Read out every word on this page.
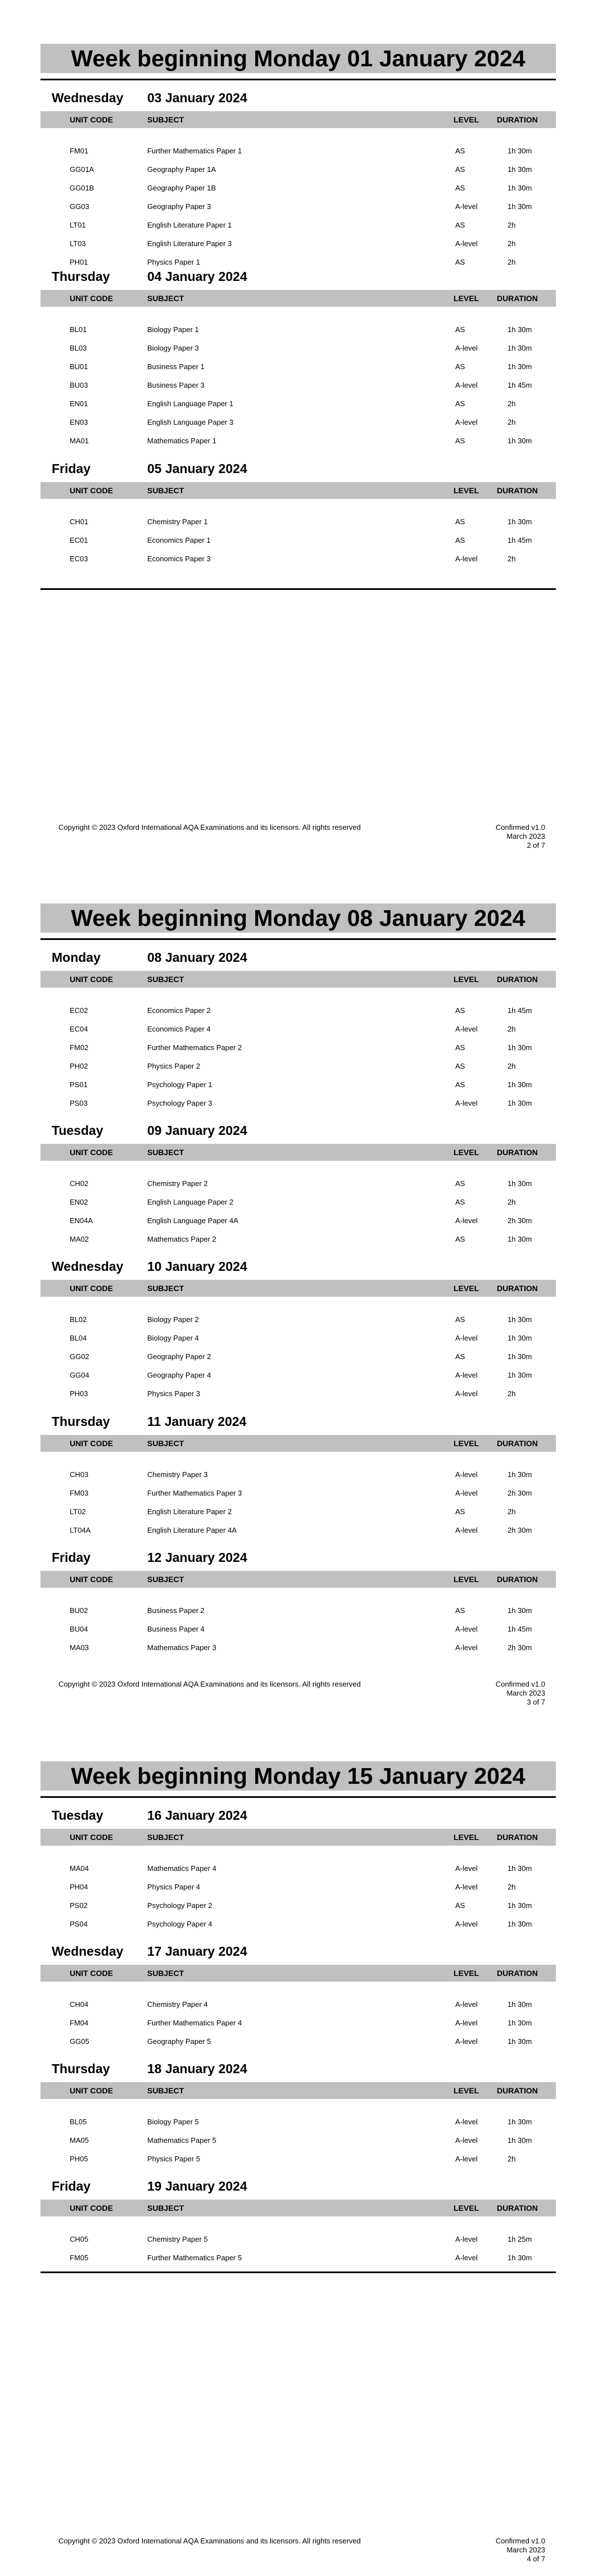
Week beginning Monday 01 January 2024
Wednesday 03 January 2024
UNIT CODE	SUBJECT	LEVEL DURATION
FM01	Further Mathematics Paper 1	AS	1h 30m
GG01A	Geography Paper 1A	AS	1h 30m
GG01B	Geography Paper 1B	AS	1h 30m
GG03	Geography Paper 3	A-level	1h 30m
LT01	English Literature Paper 1	AS	2h
LT03	English Literature Paper 3	A-level	2h
PH01	Physics Paper 1	AS	2h
Thursday	04 January 2024
UNIT CODE	SUBJECT	LEVEL DURATION
BL01	Biology Paper 1	AS	1h 30m
BL03	Biology Paper 3	A-level	1h 30m
BU01	Business Paper 1	AS	1h 30m
BU03	Business Paper 3	A-level	1h 45m
EN01	English Language Paper 1	AS	2h
EN03	English Language Paper 3	A-level	2h
MA01	Mathematics Paper 1	AS	1h 30m
Friday	05 January 2024
UNIT CODE	SUBJECT	LEVEL DURATION
CH01	Chemistry Paper 1	AS	1h 30m
EC01	Economics Paper 1	AS	1h 45m
EC03	Economics Paper 3	A-level	2h
Copyright © 2023 Oxford International AQA Examinations and its licensors. All rights reserved	Confirmed v1.0
March 2023
2 of 7
Week beginning Monday 08 January 2024
Monday	08 January 2024
UNIT CODE	SUBJECT	LEVEL DURATION
EC02	Economics Paper 2	AS	1h 45m
EC04	Economics Paper 4	A-level	2h
FM02	Further Mathematics Paper 2	AS	1h 30m
PH02	Physics Paper 2	AS	2h
PS01	Psychology Paper 1	AS	1h 30m
PS03	Psychology Paper 3	A-level	1h 30m
Tuesday	09 January 2024
UNIT CODE	SUBJECT	LEVEL DURATION
CH02	Chemistry Paper 2	AS	1h 30m
EN02	English Language Paper 2	AS	2h
EN04A	English Language Paper 4A	A-level	2h 30m
MA02	Mathematics Paper 2	AS	1h 30m
Wednesday 10 January 2024
UNIT CODE	SUBJECT	LEVEL DURATION
BL02	Biology Paper 2	AS	1h 30m
BL04	Biology Paper 4	A-level	1h 30m
GG02	Geography Paper 2	AS	1h 30m
GG04	Geography Paper 4	A-level	1h 30m
PH03	Physics Paper 3	A-level	2h
Thursday	11 January 2024
UNIT CODE	SUBJECT	LEVEL DURATION
CH03	Chemistry Paper 3	A-level	1h 30m
FM03	Further Mathematics Paper 3	A-level	2h 30m
LT02	English Literature Paper 2	AS	2h
LT04A	English Literature Paper 4A	A-level	2h 30m
Friday	12 January 2024
UNIT CODE	SUBJECT	LEVEL DURATION
BU02	Business Paper 2	AS	1h 30m
BU04	Business Paper 4	A-level	1h 45m
MA03	Mathematics Paper 3	A-level	2h 30m
Copyright © 2023 Oxford International AQA Examinations and its licensors. All rights reserved	Confirmed v1.0
March 2023
3 of 7
Week beginning Monday 15 January 2024
Tuesday	16 January 2024
UNIT CODE	SUBJECT	LEVEL DURATION
MA04	Mathematics Paper 4	A-level	1h 30m
PH04	Physics Paper 4	A-level	2h
PS02	Psychology Paper 2	AS	1h 30m
PS04	Psychology Paper 4	A-level	1h 30m
Wednesday 17 January 2024
UNIT CODE	SUBJECT	LEVEL DURATION
CH04	Chemistry Paper 4	A-level	1h 30m
FM04	Further Mathematics Paper 4	A-level	1h 30m
GG05	Geography Paper 5	A-level	1h 30m
Thursday	18 January 2024
UNIT CODE	SUBJECT	LEVEL DURATION
BL05	Biology Paper 5	A-level	1h 30m
MA05	Mathematics Paper 5	A-level	1h 30m
PH05	Physics Paper 5	A-level	2h
Friday	19 January 2024
UNIT CODE	SUBJECT	LEVEL DURATION
CH05	Chemistry Paper 5	A-level	1h 25m
FM05	Further Mathematics Paper 5	A-level	1h 30m
Copyright © 2023 Oxford International AQA Examinations and its licensors. All rights reserved	Confirmed v1.0
March 2023
4 of 7
